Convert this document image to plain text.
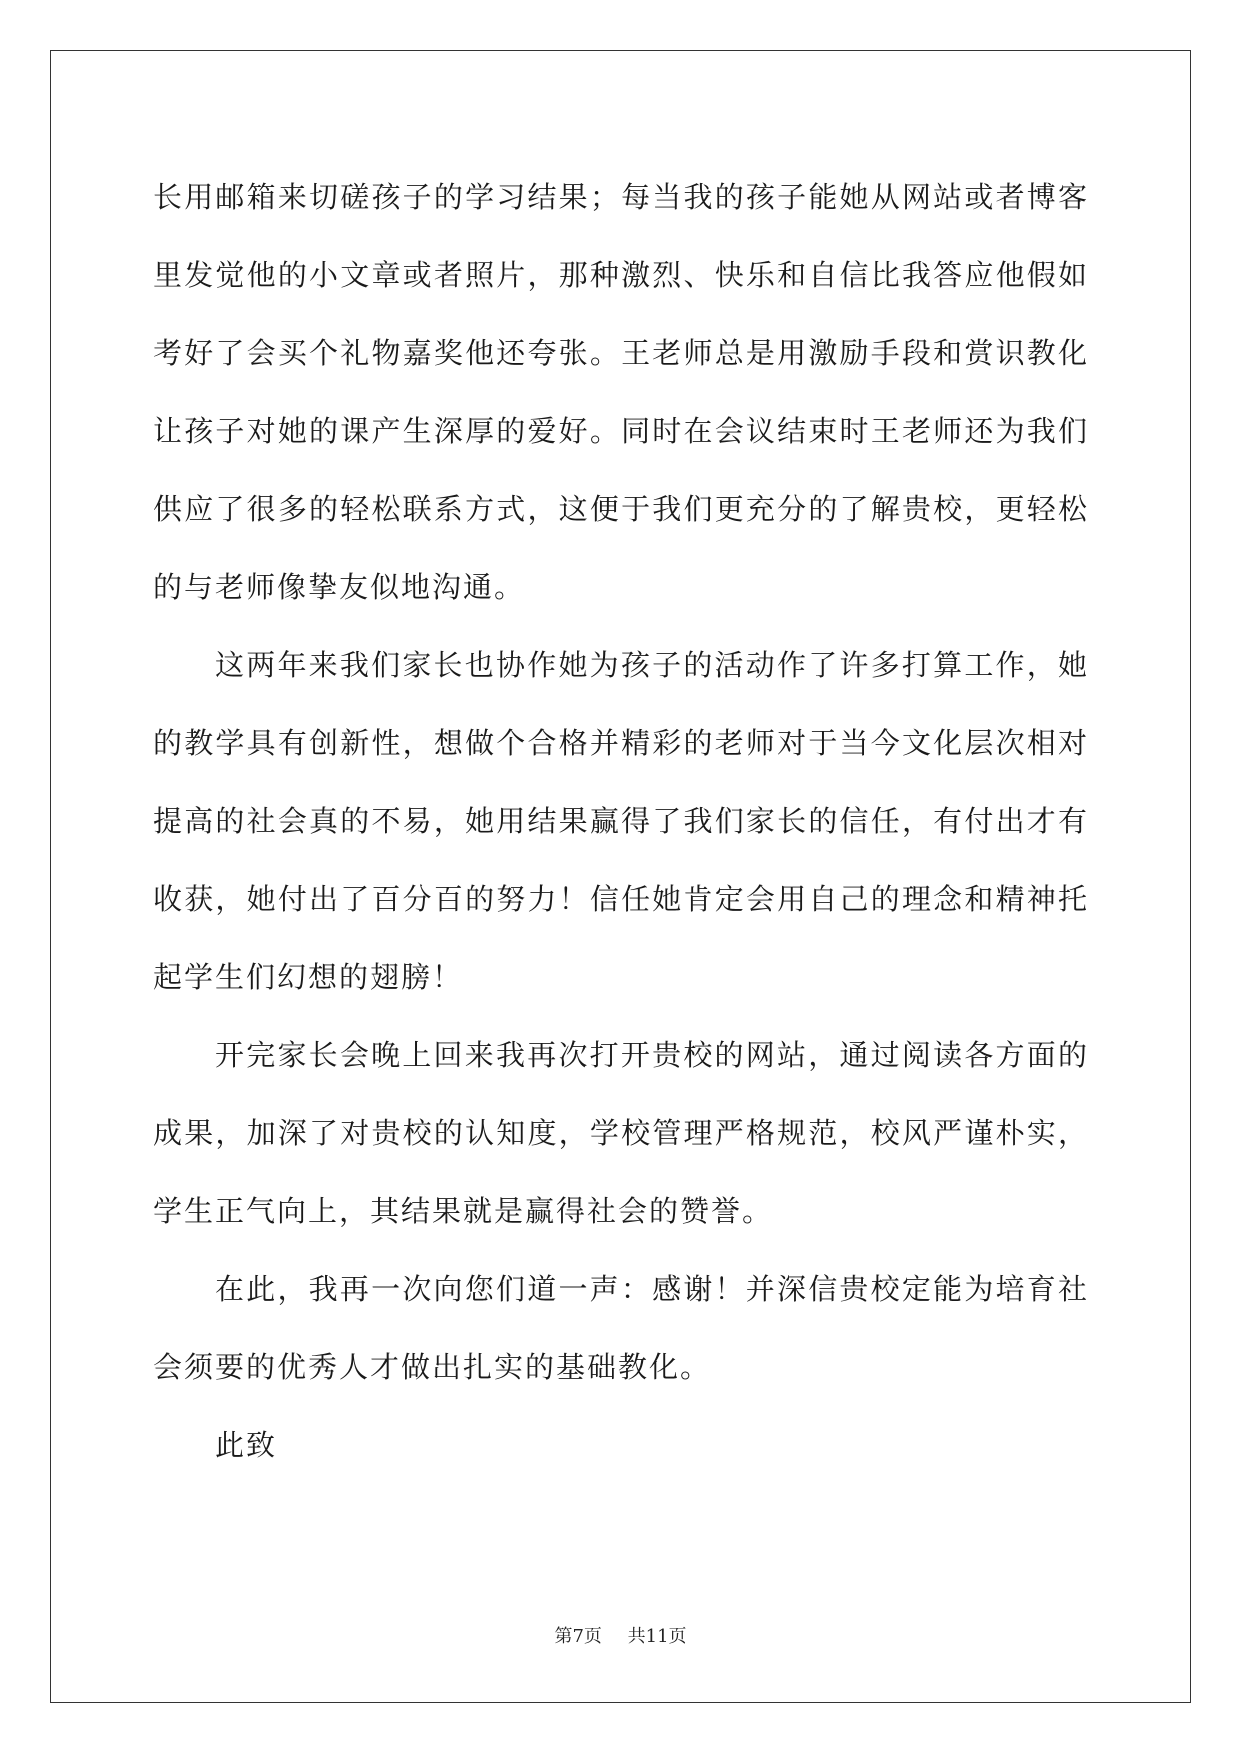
长用邮箱来切磋孩子的学习结果；每当我的孩子能她从网站或者博客里发觉他的小文章或者照片，那种激烈、快乐和自信比我答应他假如考好了会买个礼物嘉奖他还夸张。王老师总是用激励手段和赏识教化让孩子对她的课产生深厚的爱好。同时在会议结束时王老师还为我们供应了很多的轻松联系方式，这便于我们更充分的了解贵校，更轻松的与老师像挚友似地沟通。

这两年来我们家长也协作她为孩子的活动作了许多打算工作，她的教学具有创新性，想做个合格并精彩的老师对于当今文化层次相对提高的社会真的不易，她用结果赢得了我们家长的信任，有付出才有收获，她付出了百分百的努力！信任她肯定会用自己的理念和精神托起学生们幻想的翅膀！

开完家长会晚上回来我再次打开贵校的网站，通过阅读各方面的成果，加深了对贵校的认知度，学校管理严格规范，校风严谨朴实，学生正气向上，其结果就是赢得社会的赞誉。

在此，我再一次向您们道一声：感谢！并深信贵校定能为培育社会须要的优秀人才做出扎实的基础教化。

此致

第7页 共11页
